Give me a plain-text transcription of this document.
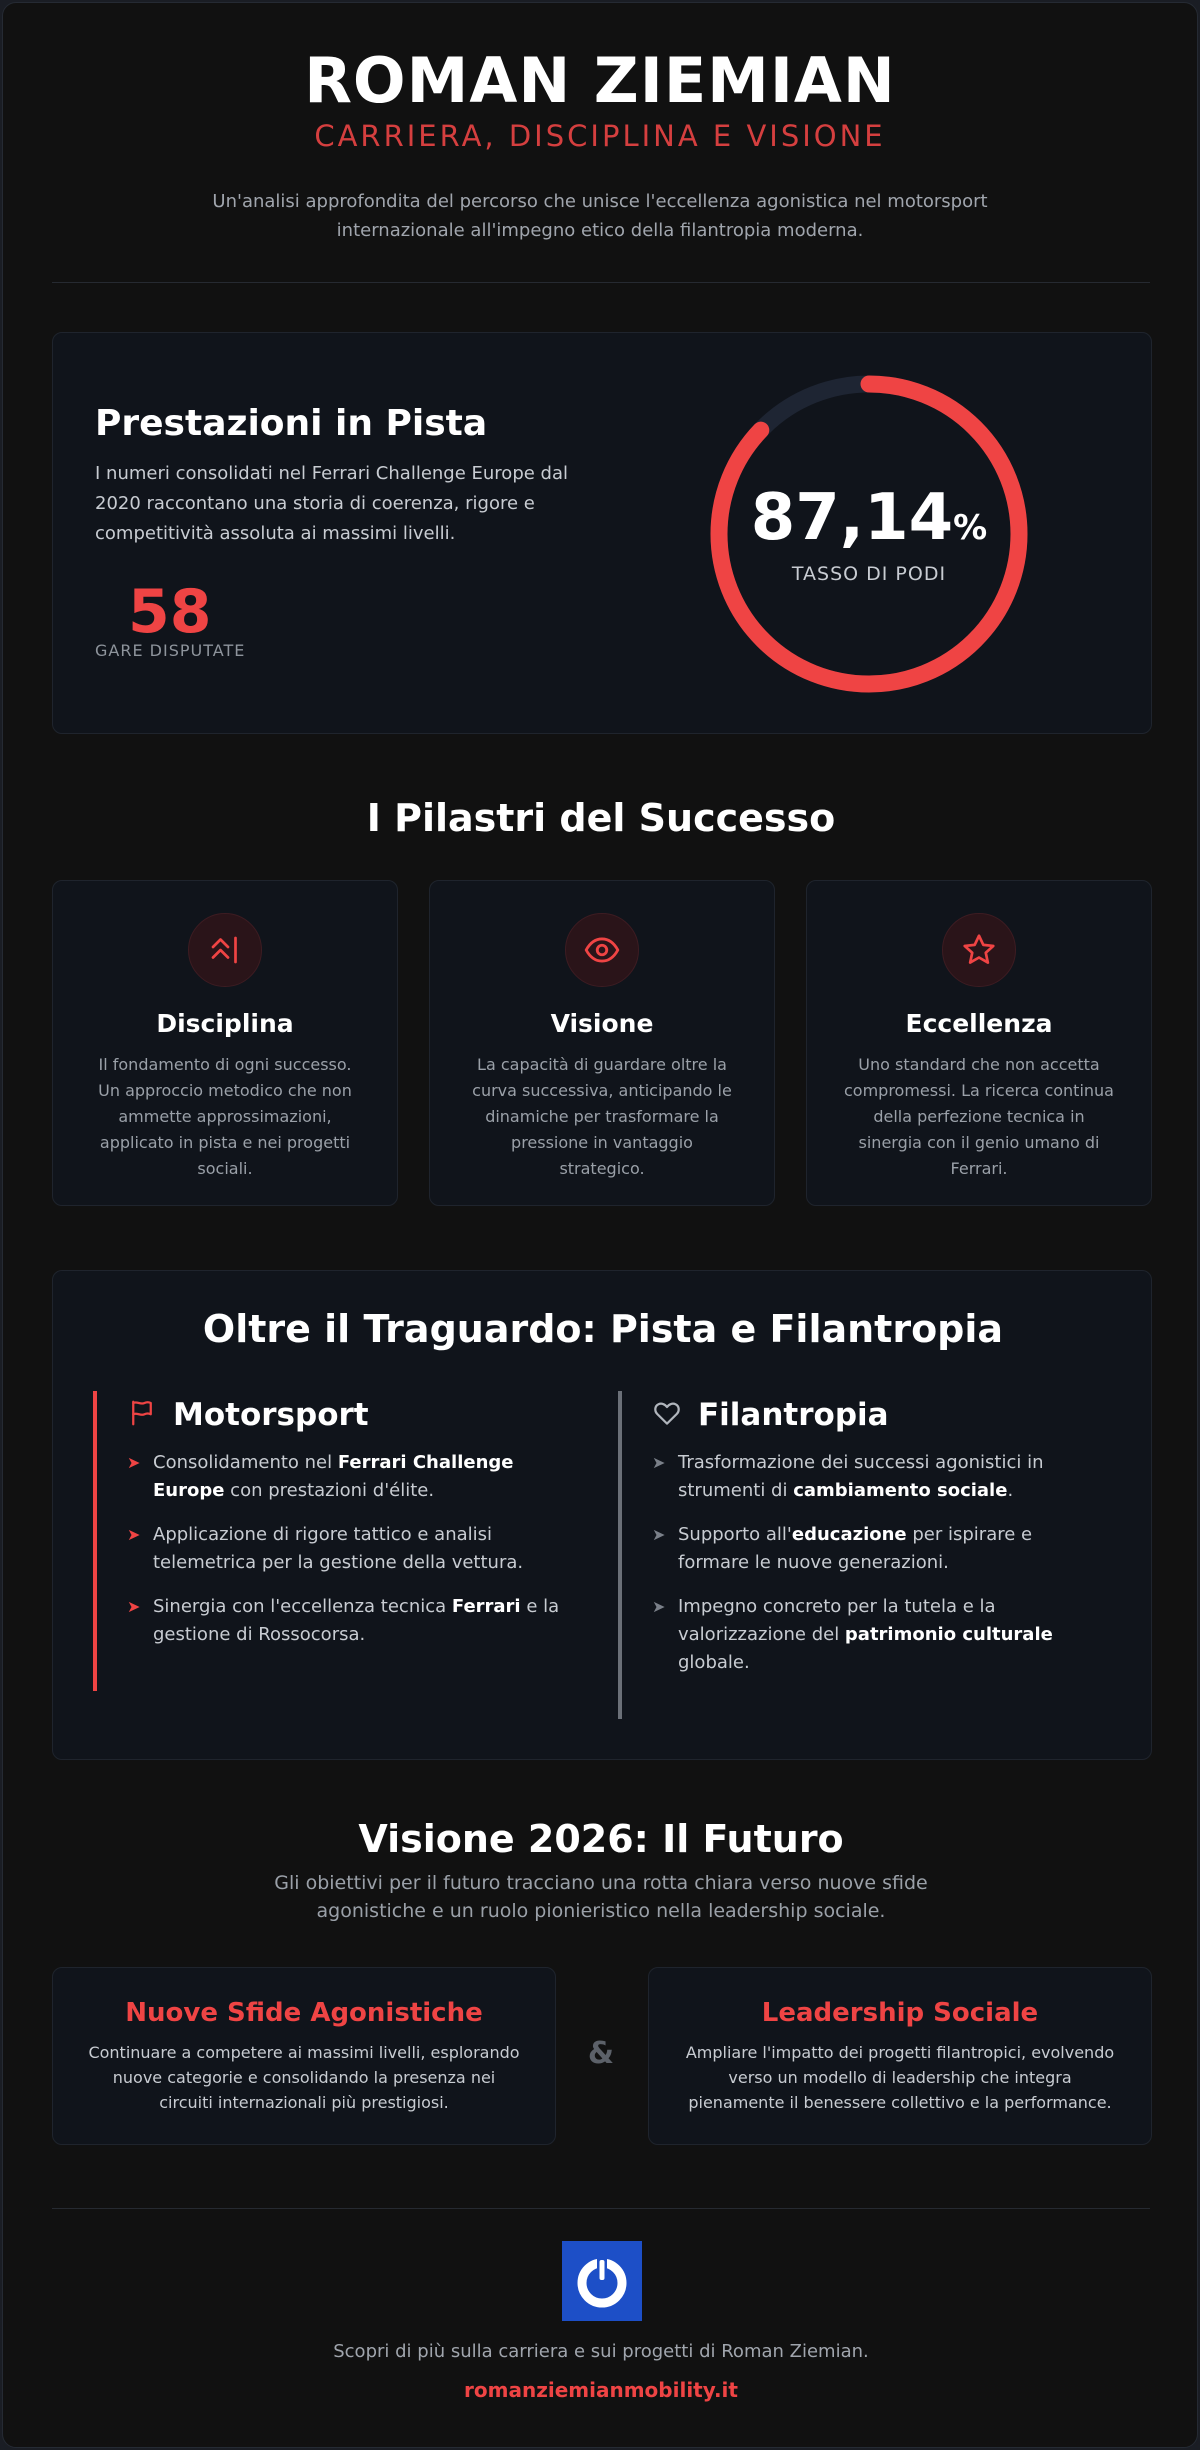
ROMAN ZIEMIAN
CARRIERA, DISCIPLINA E VISIONE

Un'analisi approfondita del percorso che unisce l'eccellenza agonistica nel motorsport internazionale all'impegno etico della filantropia moderna.

Prestazioni in Pista

I numeri consolidati nel Ferrari Challenge Europe dal 2020 raccontano una storia di coerenza, rigore e competitività assoluta ai massimi livelli.

58
GARE DISPUTATE
87,14%
TASSO DI PODI
I Pilastri del Successo
Disciplina

Il fondamento di ogni successo. Un approccio metodico che non ammette approssimazioni, applicato in pista e nei progetti sociali.

Visione

La capacità di guardare oltre la curva successiva, anticipando le dinamiche per trasformare la pressione in vantaggio strategico.

Eccellenza

Uno standard che non accetta compromessi. La ricerca continua della perfezione tecnica in sinergia con il genio umano di Ferrari.

Oltre il Traguardo: Pista e Filantropia
Motorsport
➤ Consolidamento nel Ferrari Challenge Europe con prestazioni d'élite.
➤ Applicazione di rigore tattico e analisi telemetrica per la gestione della vettura.
➤ Sinergia con l'eccellenza tecnica Ferrari e la gestione di Rossocorsa.
Filantropia
➤ Trasformazione dei successi agonistici in strumenti di cambiamento sociale.
➤ Supporto all'educazione per ispirare e formare le nuove generazioni.
➤ Impegno concreto per la tutela e la valorizzazione del patrimonio culturale globale.
Visione 2026: Il Futuro

Gli obiettivi per il futuro tracciano una rotta chiara verso nuove sfide agonistiche e un ruolo pionieristico nella leadership sociale.

Nuove Sfide Agonistiche

Continuare a competere ai massimi livelli, esplorando nuove categorie e consolidando la presenza nei circuiti internazionali più prestigiosi.

&
Leadership Sociale

Ampliare l'impatto dei progetti filantropici, evolvendo verso un modello di leadership che integra pienamente il benessere collettivo e la performance.

Scopri di più sulla carriera e sui progetti di Roman Ziemian.
romanziemianmobility.it
